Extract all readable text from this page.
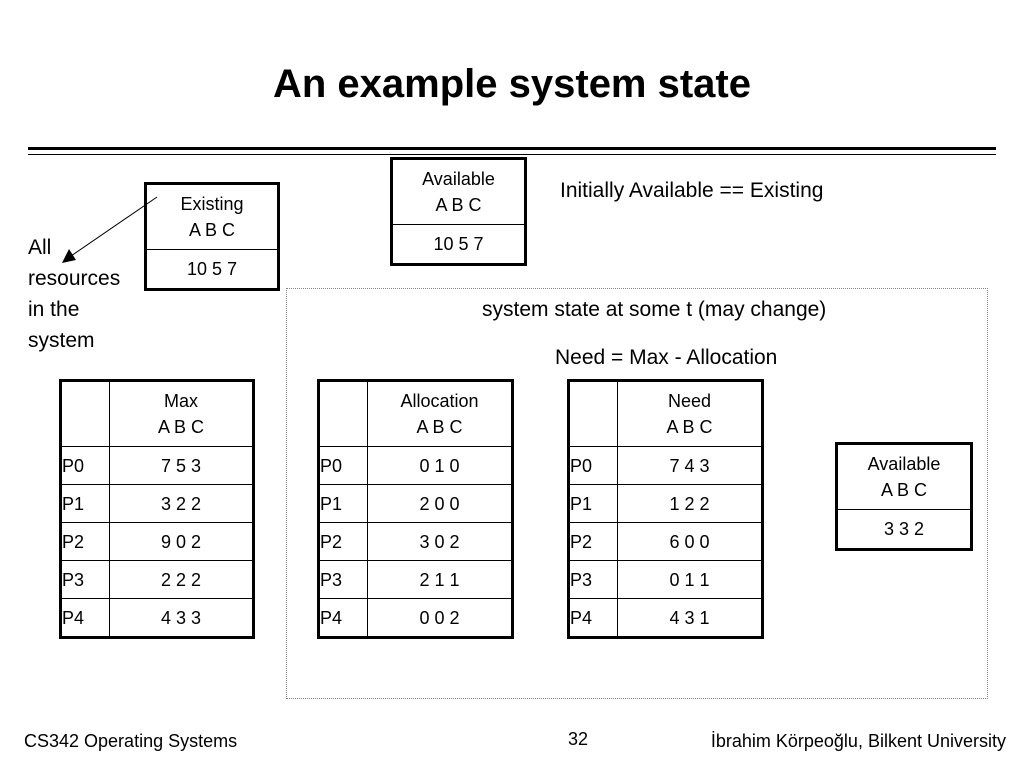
An example system state
Existing
A B C

10 5 7
Available
A B C

10 5 7
Initially Available == Existing
All
resources
in the
system
system state at some t (may change)
Need = Max - Allocation

	Max
A B C

P0	7 5 3
P1	3 2 2
P2	9 0 2
P3	2 2 2
P4	4 3 3

	Allocation
A B C

P0	0 1 0
P1	2 0 0
P2	3 0 2
P3	2 1 1
P4	0 0 2

	Need
A B C

P0	7 4 3
P1	1 2 2
P2	6 0 0
P3	0 1 1
P4	4 3 1
Available
A B C

3 3 2
CS342 Operating Systems	32	İbrahim Körpeoğlu, Bilkent University
